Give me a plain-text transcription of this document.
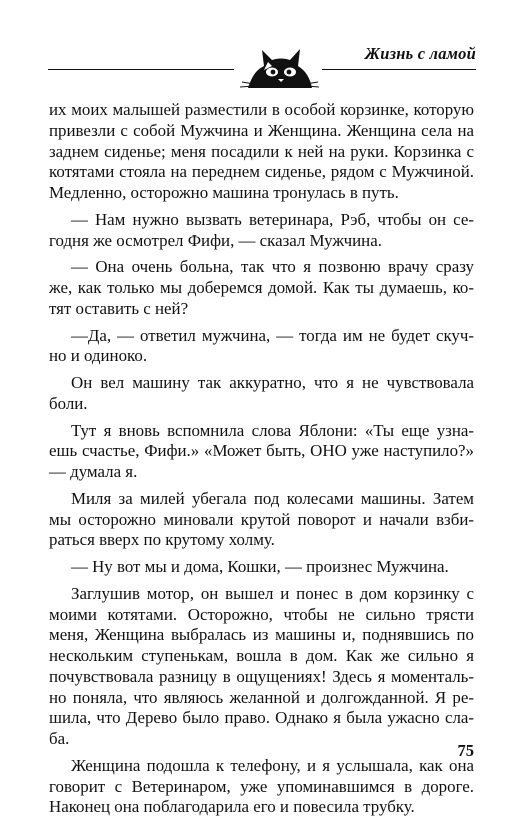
Жизнь с ламой

их моих малышей разместили в особой корзинке, которую
привезли с собой Мужчина и Женщина. Женщина села на
заднем сиденье; меня посадили к ней на руки. Корзинка с
котятами стояла на переднем сиденье, рядом с Мужчиной.
Медленно, осторожно машина тронулась в путь.

— Нам нужно вызвать ветеринара, Рэб, чтобы он се-
годня же осмотрел Фифи, — сказал Мужчина.

— Она очень больна, так что я позвоню врачу сразу
же, как только мы доберемся домой. Как ты думаешь, ко-
тят оставить с ней?

—Да, — ответил мужчина, — тогда им не будет скуч-
но и одиноко.

Он вел машину так аккуратно, что я не чувствовала
боли.

Тут я вновь вспомнила слова Яблони: «Ты еще узна-
ешь счастье, Фифи.» «Может быть, ОНО уже наступило?»
— думала я.

Миля за милей убегала под колесами машины. Затем
мы осторожно миновали крутой поворот и начали взби-
раться вверх по крутому холму.

— Ну вот мы и дома, Кошки, — произнес Мужчина.

Заглушив мотор, он вышел и понес в дом корзинку с
моими котятами. Осторожно, чтобы не сильно трясти
меня, Женщина выбралась из машины и, поднявшись по
нескольким ступенькам, вошла в дом. Как же сильно я
почувствовала разницу в ощущениях! Здесь я моменталь-
но поняла, что являюсь желанной и долгожданной. Я ре-
шила, что Дерево было право. Однако я была ужасно сла-
ба.

Женщина подошла к телефону, и я услышала, как она
говорит с Ветеринаром, уже упоминавшимся в дороге.
Наконец она поблагодарила его и повесила трубку.

75
